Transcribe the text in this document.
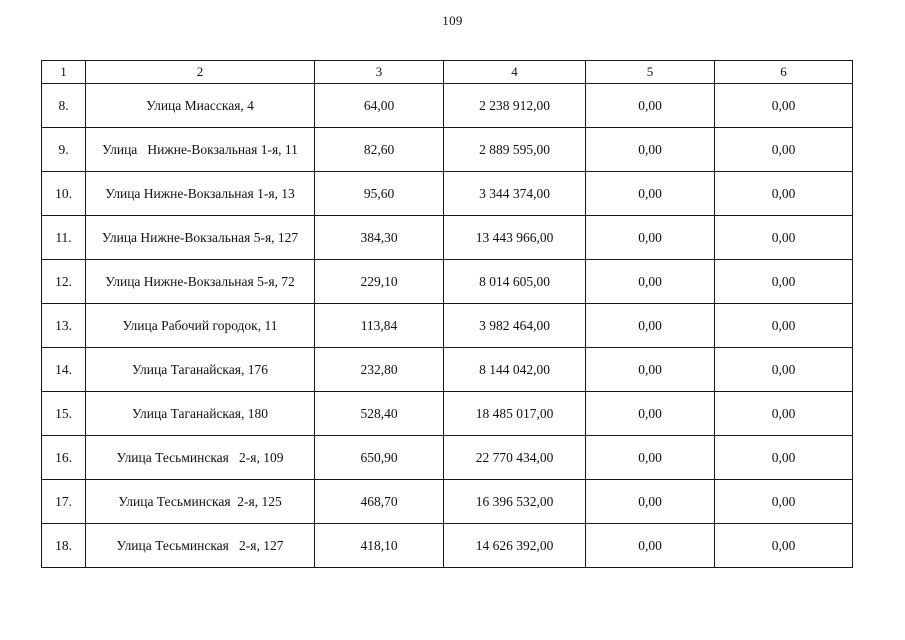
109
1	2	3	4	5	6
8.	Улица Миасская, 4	64,00	2 238 912,00	0,00	0,00
9.	Улица   Нижне-Вокзальная 1-я, 11	82,60	2 889 595,00	0,00	0,00
10.	Улица Нижне-Вокзальная 1-я, 13	95,60	3 344 374,00	0,00	0,00
11.	Улица Нижне-Вокзальная 5-я, 127	384,30	13 443 966,00	0,00	0,00
12.	Улица Нижне-Вокзальная 5-я, 72	229,10	8 014 605,00	0,00	0,00
13.	Улица Рабочий городок, 11	113,84	3 982 464,00	0,00	0,00
14.	Улица Таганайская, 176	232,80	8 144 042,00	0,00	0,00
15.	Улица Таганайская, 180	528,40	18 485 017,00	0,00	0,00
16.	Улица Тесьминская   2-я, 109	650,90	22 770 434,00	0,00	0,00
17.	Улица Тесьминская  2-я, 125	468,70	16 396 532,00	0,00	0,00
18.	Улица Тесьминская   2-я, 127	418,10	14 626 392,00	0,00	0,00
